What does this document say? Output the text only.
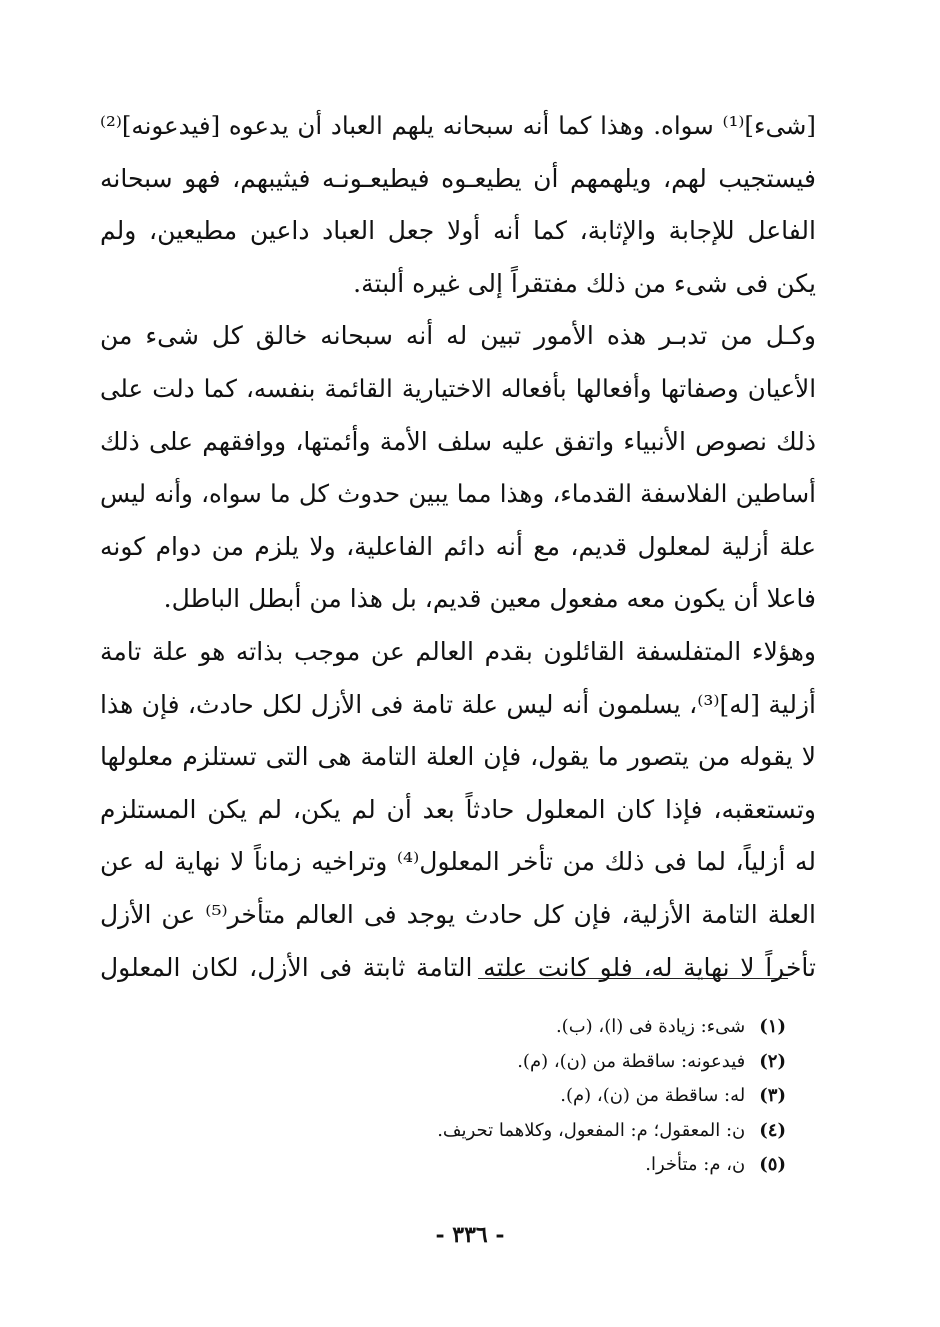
[شىء]⁽¹⁾ سواه. وهذا كما أنه سبحانه يلهم العباد أن يدعوه [فيدعونه]⁽²⁾
فيستجيب لهم، ويلهمهم أن يطيعـوه فيطيعـونـه فيثيبهم، فهو سبحانه
الفاعل للإجابة والإثابة، كما أنه أولا جعل العباد داعين مطيعين، ولم
يكن فى شىء من ذلك مفتقراً إلى غيره ألبتة.
وكـل من تدبـر هذه الأمور تبين له أنه سبحانه خالق كل شىء من
الأعيان وصفاتها وأفعالها بأفعاله الاختيارية القائمة بنفسه، كما دلت على
ذلك نصوص الأنبياء واتفق عليه سلف الأمة وأئمتها، ووافقهم على ذلك
أساطين الفلاسفة القدماء، وهذا مما يبين حدوث كل ما سواه، وأنه ليس
علة أزلية لمعلول قديم، مع أنه دائم الفاعلية، ولا يلزم من دوام كونه
فاعلا أن يكون معه مفعول معين قديم، بل هذا من أبطل الباطل.
وهؤلاء المتفلسفة القائلون بقدم العالم عن موجب بذاته هو علة تامة
أزلية [له]⁽³⁾، يسلمون أنه ليس علة تامة فى الأزل لكل حادث، فإن هذا
لا يقوله من يتصور ما يقول، فإن العلة التامة هى التى تستلزم معلولها
وتستعقبه، فإذا كان المعلول حادثاً بعد أن لم يكن، لم يكن المستلزم
له أزلياً، لما فى ذلك من تأخر المعلول⁽⁴⁾ وتراخيه زماناً لا نهاية له عن
العلة التامة الأزلية، فإن كل حادث يوجد فى العالم متأخر⁽⁵⁾ عن الأزل
تأخراً لا نهاية له، فلو كانت علته التامة ثابتة فى الأزل، لكان المعلول
(١)شىء: زيادة فى (ا)، (ب).
(٢)فيدعونه: ساقطة من (ن)، (م).
(٣)له: ساقطة من (ن)، (م).
(٤)ن: المعقول؛ م: المفعول، وكلاهما تحريف.
(٥)ن، م: متأخرا.
- ٣٣٦ -
